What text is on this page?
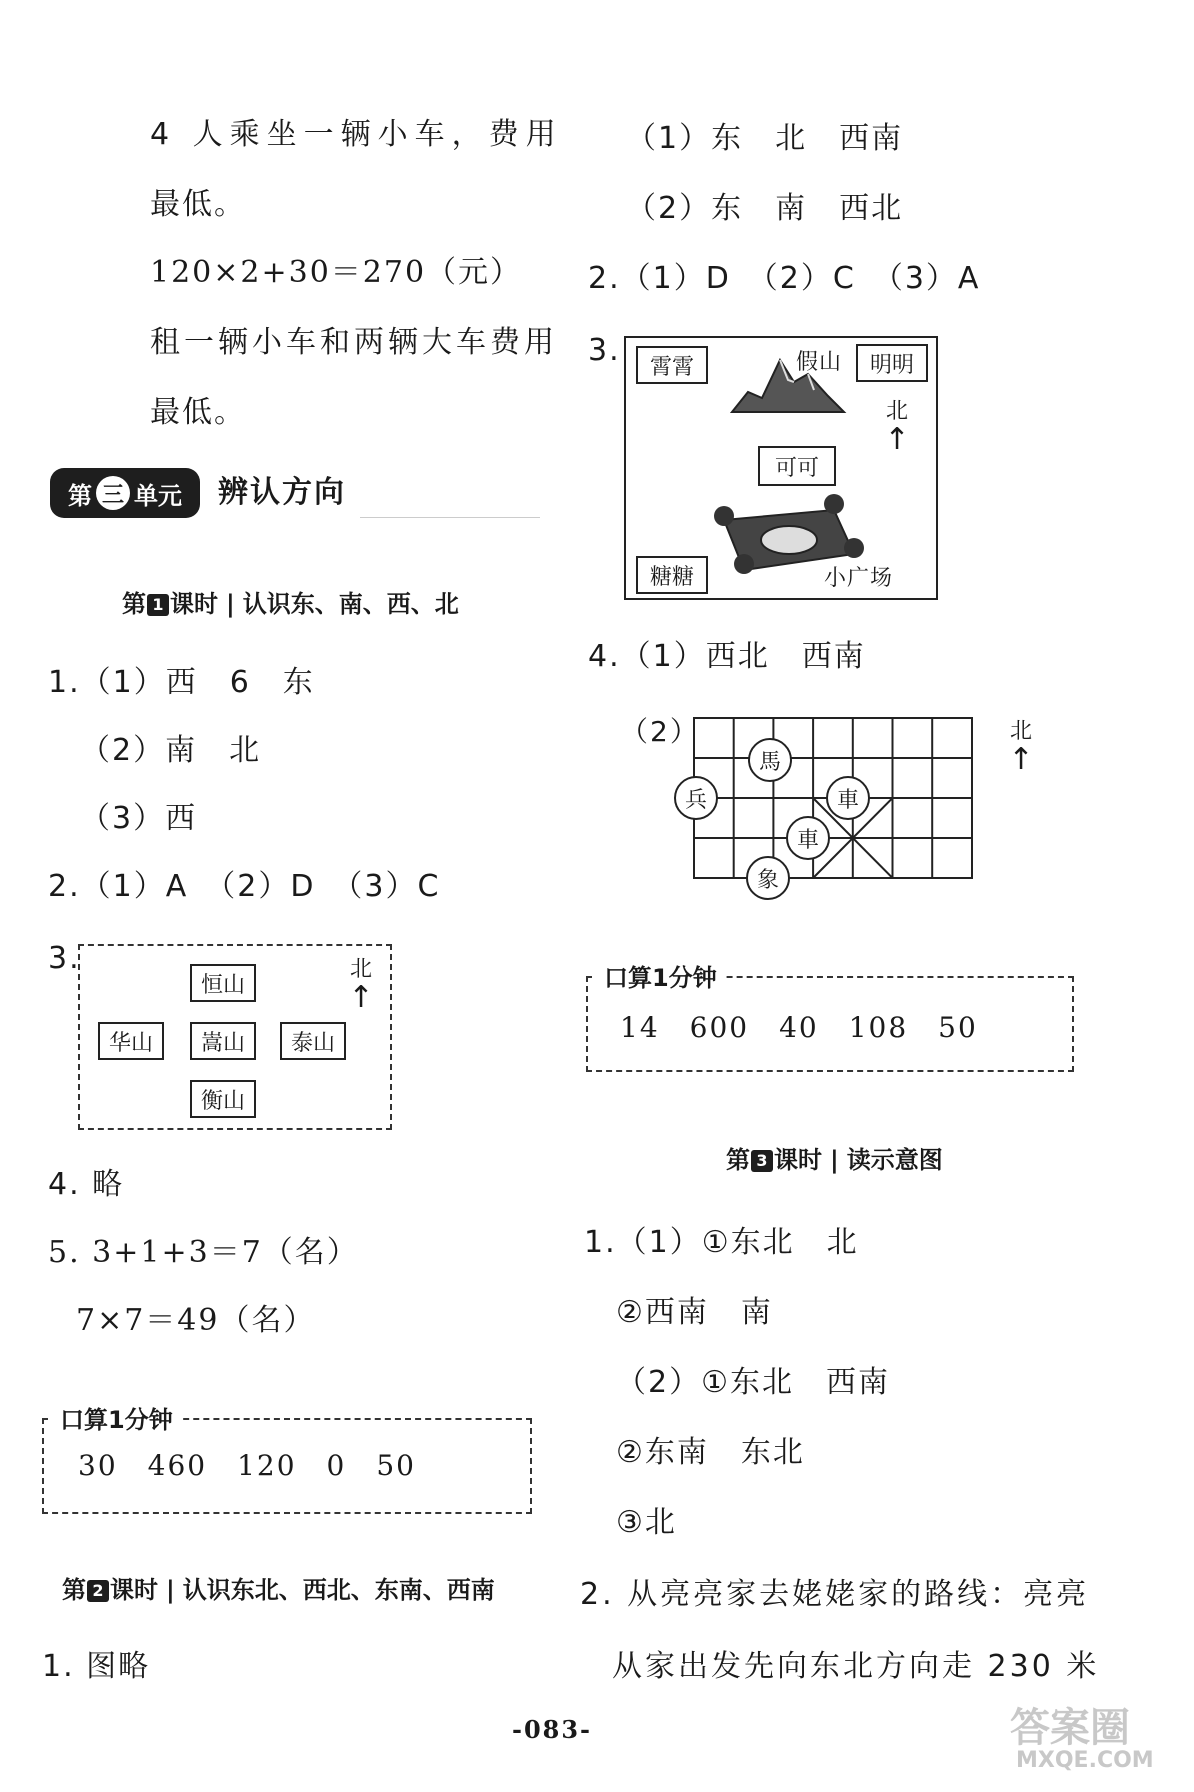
4 人乘坐一辆小车，费用
最低。
120×2+30＝270（元）
租一辆小车和两辆大车费用
最低。
第 三 单元 辨认方向
第 1 课时 | 认识东、南、西、北
1.（1）西　6　东
（2）南　北
（3）西
2.（1）A　（2）D　（3）C
3.
恒山
华山	嵩山	泰山
衡山
北
↑
4. 略
5. 3+1+3＝7（名）
7×7＝49（名）
口算1分钟
30　460　120　0　50
第 2 课时 | 认识东北、西北、东南、西南
1. 图略
（1）东　北　西南
（2）东　南　西北
2.（1）D　（2）C　（3）A
3.	霄霄	假山	明明
北
↑
可可
糖糖	小广场
4.（1）西北　西南
（2）
馬
兵	車
車
象
北
↑
口算1分钟
14　600　40　108　50
第 3 课时 | 读示意图
1.（1）①东北　北
②西南　南
（2）①东北　西南
②东南　东北
③北
2. 从亮亮家去姥姥家的路线：亮亮
从家出发先向东北方向走 230 米
-083-	答案圈
MXQE.COM
